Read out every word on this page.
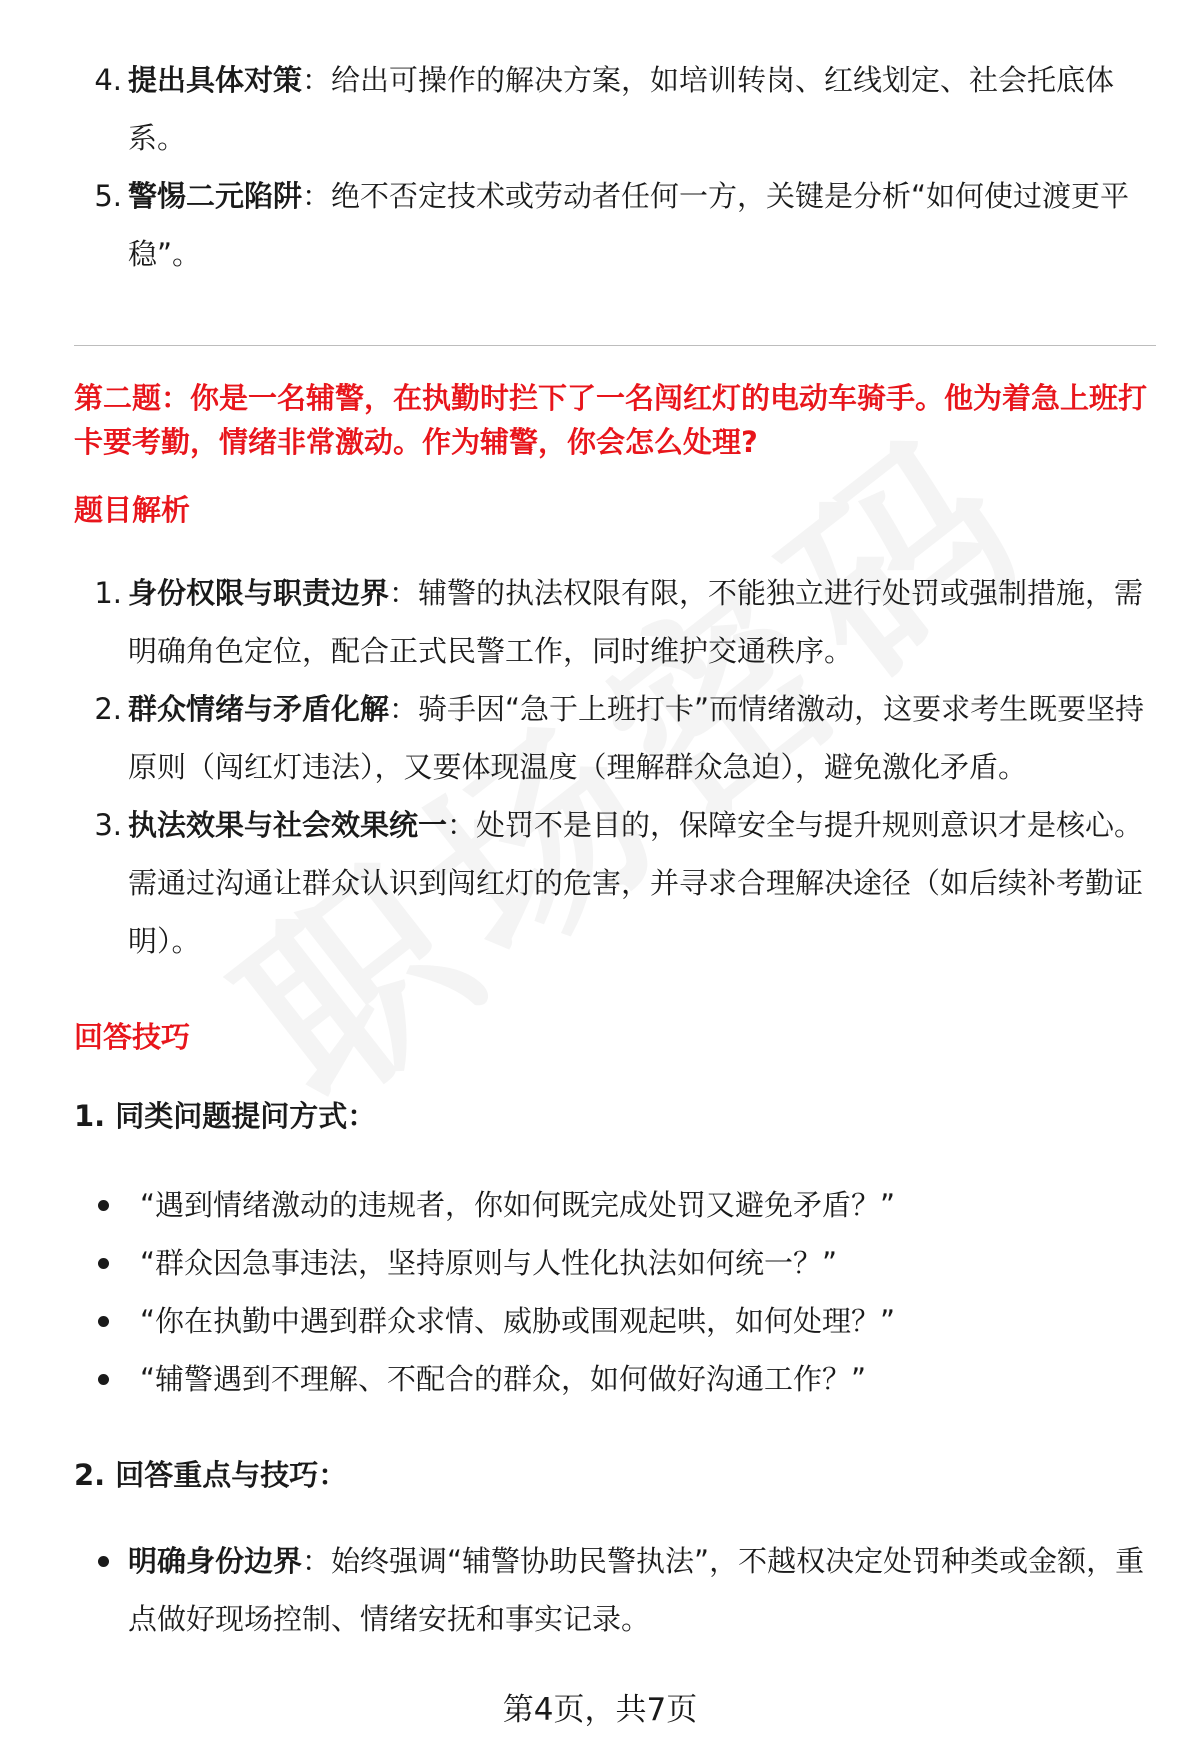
4. 提出具体对策：给出可操作的解决方案，如培训转岗、红线划定、社会托底体系。
5. 警惕二元陷阱：绝不否定技术或劳动者任何一方，关键是分析“如何使过渡更平稳”。

第二题：你是一名辅警，在执勤时拦下了一名闯红灯的电动车骑手。他为着急上班打卡要考勤，情绪非常激动。作为辅警，你会怎么处理?

题目解析

1. 身份权限与职责边界：辅警的执法权限有限，不能独立进行处罚或强制措施，需明确角色定位，配合正式民警工作，同时维护交通秩序。
2. 群众情绪与矛盾化解：骑手因“急于上班打卡”而情绪激动，这要求考生既要坚持原则（闯红灯违法），又要体现温度（理解群众急迫），避免激化矛盾。
3. 执法效果与社会效果统一：处罚不是目的，保障安全与提升规则意识才是核心。需通过沟通让群众认识到闯红灯的危害，并寻求合理解决途径（如后续补考勤证明）。

回答技巧

1. 同类问题提问方式：

“遇到情绪激动的违规者，你如何既完成处罚又避免矛盾？”
“群众因急事违法，坚持原则与人性化执法如何统一？”
“你在执勤中遇到群众求情、威胁或围观起哄，如何处理？”
“辅警遇到不理解、不配合的群众，如何做好沟通工作？”

2. 回答重点与技巧：

明确身份边界：始终强调“辅警协助民警执法”，不越权决定处罚种类或金额，重点做好现场控制、情绪安抚和事实记录。
第4页，共7页
